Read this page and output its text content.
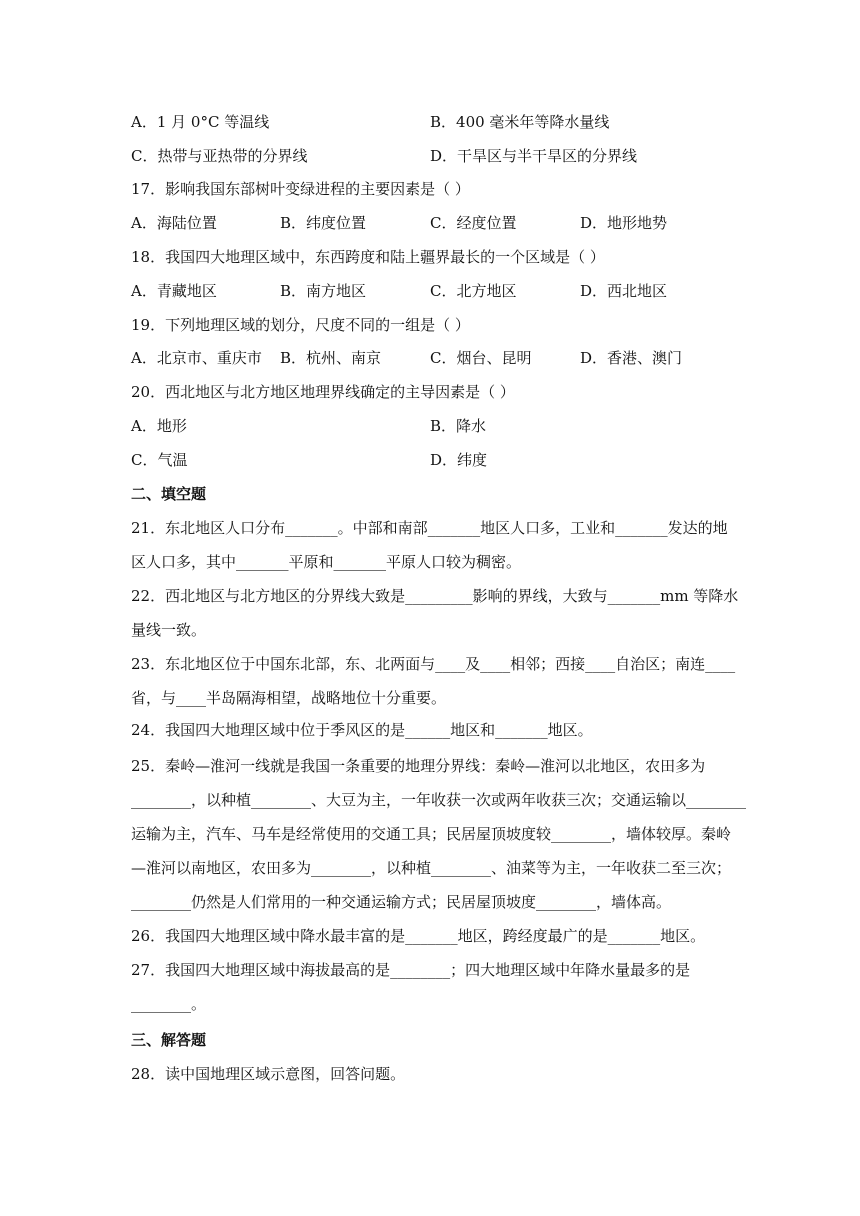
A．1 月 0°C 等温线	B．400 毫米年等降水量线
C．热带与亚热带的分界线	D．干旱区与半干旱区的分界线
17．影响我国东部树叶变绿进程的主要因素是（ ）
A．海陆位置	B．纬度位置	C．经度位置	D．地形地势
18．我国四大地理区域中，东西跨度和陆上疆界最长的一个区域是（ ）
A．青藏地区	B．南方地区	C．北方地区	D．西北地区
19．下列地理区域的划分，尺度不同的一组是（ ）
A．北京市、重庆市 B．杭州、南京	C．烟台、昆明	D．香港、澳门
20．西北地区与北方地区地理界线确定的主导因素是（ ）
A．地形	B．降水
C．气温	D．纬度
二、填空题
21．东北地区人口分布_______。中部和南部_______地区人口多，工业和_______发达的地
区人口多，其中_______平原和_______平原人口较为稠密。
22．西北地区与北方地区的分界线大致是_________影响的界线，大致与_______mm 等降水
量线一致。
23．东北地区位于中国东北部，东、北两面与____及____相邻；西接____自治区；南连____
省，与____半岛隔海相望，战略地位十分重要。
24．我国四大地理区域中位于季风区的是______地区和_______地区。
25．秦岭—淮河一线就是我国一条重要的地理分界线：秦岭—淮河以北地区，农田多为
________，以种植________、大豆为主，一年收获一次或两年收获三次；交通运输以________
运输为主，汽车、马车是经常使用的交通工具；民居屋顶坡度较________，墙体较厚。秦岭
—淮河以南地区，农田多为________，以种植________、油菜等为主，一年收获二至三次；
________仍然是人们常用的一种交通运输方式；民居屋顶坡度________，墙体高。
26．我国四大地理区域中降水最丰富的是_______地区，跨经度最广的是_______地区。
27．我国四大地理区域中海拔最高的是________；四大地理区域中年降水量最多的是
________。
三、解答题
28．读中国地理区域示意图，回答问题。
